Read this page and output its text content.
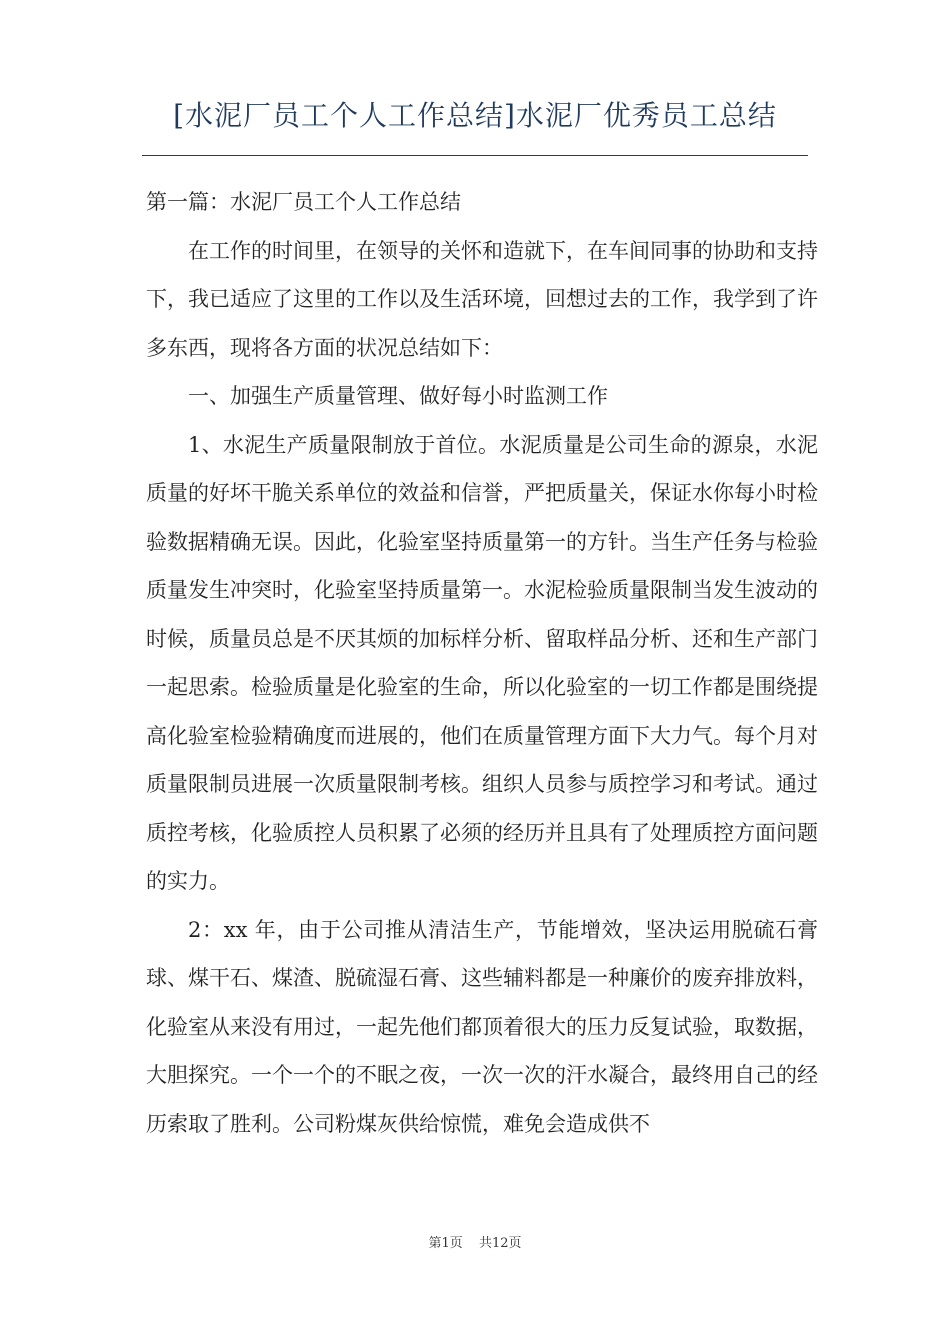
[水泥厂员工个人工作总结]水泥厂优秀员工总结

第一篇：水泥厂员工个人工作总结

在工作的时间里，在领导的关怀和造就下，在车间同事的协助和支持下，我已适应了这里的工作以及生活环境，回想过去的工作，我学到了许多东西，现将各方面的状况总结如下：

一、加强生产质量管理、做好每小时监测工作

1、水泥生产质量限制放于首位。水泥质量是公司生命的源泉，水泥质量的好坏干脆关系单位的效益和信誉，严把质量关，保证水你每小时检验数据精确无误。因此，化验室坚持质量第一的方针。当生产任务与检验质量发生冲突时，化验室坚持质量第一。水泥检验质量限制当发生波动的时候，质量员总是不厌其烦的加标样分析、留取样品分析、还和生产部门一起思索。检验质量是化验室的生命，所以化验室的一切工作都是围绕提高化验室检验精确度而进展的，他们在质量管理方面下大力气。每个月对质量限制员进展一次质量限制考核。组织人员参与质控学习和考试。通过质控考核，化验质控人员积累了必须的经历并且具有了处理质控方面问题的实力。

2：xx 年，由于公司推从清洁生产，节能增效，坚决运用脱硫石膏球、煤干石、煤渣、脱硫湿石膏、这些辅料都是一种廉价的废弃排放料，化验室从来没有用过，一起先他们都顶着很大的压力反复试验，取数据，大胆探究。一个一个的不眠之夜，一次一次的汗水凝合，最终用自己的经历索取了胜利。公司粉煤灰供给惊慌，难免会造成供不

第1页 共12页
